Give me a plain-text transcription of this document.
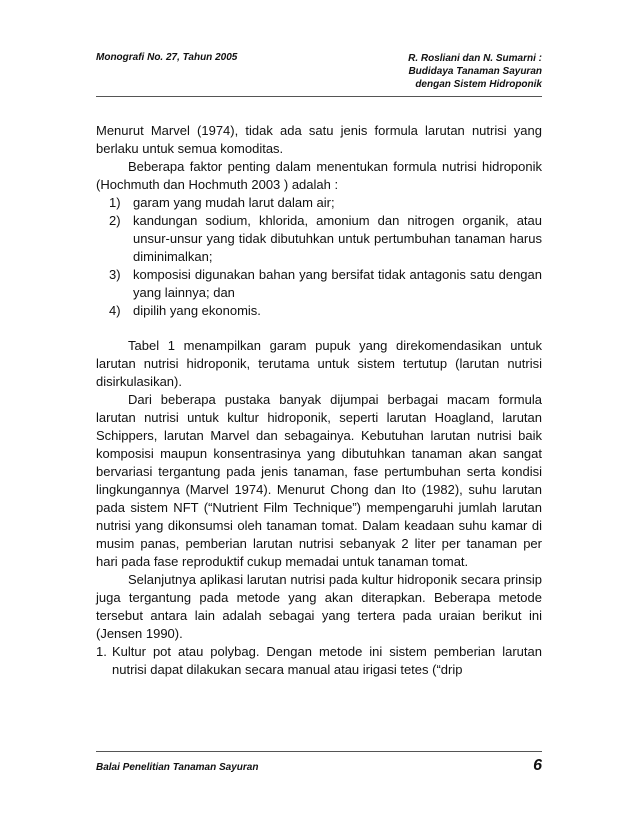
Monografi No. 27, Tahun 2005	R. Rosliani dan N. Sumarni :
Budidaya Tanaman Sayuran
dengan Sistem Hidroponik

Menurut Marvel (1974), tidak ada satu jenis formula larutan nutrisi yang berlaku untuk semua komoditas.

Beberapa faktor penting dalam menentukan formula nutrisi hidroponik (Hochmuth dan Hochmuth 2003 ) adalah :

1) garam yang mudah larut dalam air;
2) kandungan sodium, khlorida, amonium dan nitrogen organik, atau unsur-unsur yang tidak dibutuhkan untuk pertumbuhan tanaman harus diminimalkan;
3) komposisi digunakan bahan yang bersifat tidak antagonis satu dengan yang lainnya; dan
4) dipilih yang ekonomis.

Tabel 1 menampilkan garam pupuk yang direkomendasikan untuk larutan nutrisi hidroponik, terutama untuk sistem tertutup (larutan nutrisi disirkulasikan).

Dari beberapa pustaka banyak dijumpai berbagai macam formula larutan nutrisi untuk kultur hidroponik, seperti larutan Hoagland, larutan Schippers, larutan Marvel dan sebagainya. Kebutuhan larutan nutrisi baik komposisi maupun konsentrasinya yang dibutuhkan tanaman akan sangat bervariasi tergantung pada jenis tanaman, fase pertumbuhan serta kondisi lingkungannya (Marvel 1974). Menurut Chong dan Ito (1982), suhu larutan pada sistem NFT (“Nutrient Film Technique”) mempengaruhi jumlah larutan nutrisi yang dikonsumsi oleh tanaman tomat. Dalam keadaan suhu kamar di musim panas, pemberian larutan nutrisi sebanyak 2 liter per tanaman per hari pada fase reproduktif cukup memadai untuk tanaman tomat.

Selanjutnya aplikasi larutan nutrisi pada kultur hidroponik secara prinsip juga tergantung pada metode yang akan diterapkan. Beberapa metode tersebut antara lain adalah sebagai yang tertera pada uraian berikut ini (Jensen 1990).

1. Kultur pot atau polybag. Dengan metode ini sistem pemberian larutan nutrisi dapat dilakukan secara manual atau irigasi tetes (“drip
Balai Penelitian Tanaman Sayuran	6
